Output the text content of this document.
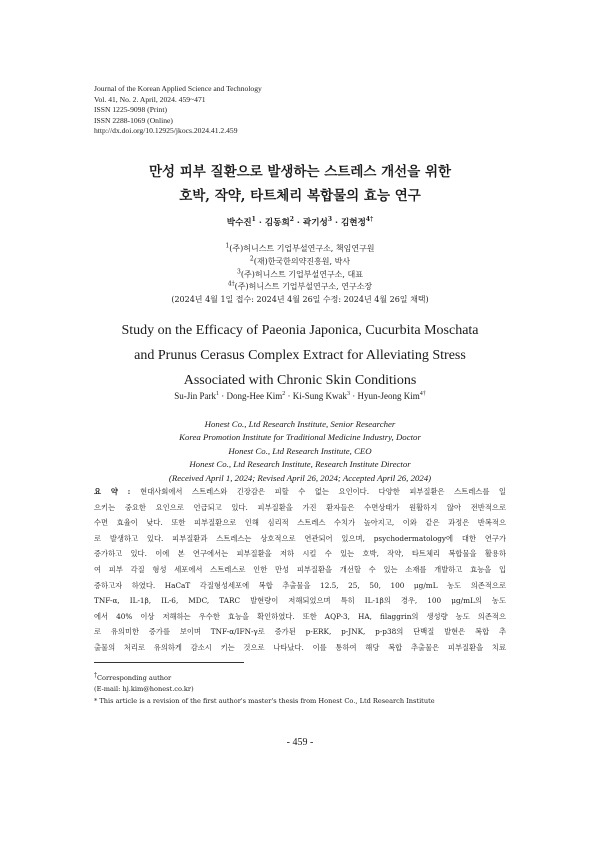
Journal of the Korean Applied Science and Technology
Vol. 41, No. 2. April, 2024. 459~471
ISSN 1225-9098 (Print)
ISSN 2288-1069 (Online)
http://dx.doi.org/10.12925/jkocs.2024.41.2.459
만성 피부 질환으로 발생하는 스트레스 개선을 위한
호박, 작약, 타트체리 복합물의 효능 연구
박수진$^1$ · 김동희$^2$ · 곽기성$^3$ · 김현정$^{4\dagger}$
$^1$(주)허니스트 기업부설연구소, 책임연구원
$^2$(재)한국한의약진흥원, 박사
$^3$(주)허니스트 기업부설연구소, 대표
$^{4\dagger}$(주)허니스트 기업부설연구소, 연구소장
(2024년 4월 1일 접수: 2024년 4월 26일 수정: 2024년 4월 26일 채택)
Study on the Efficacy of Paeonia Japonica, Cucurbita Moschata
and Prunus Cerasus Complex Extract for Alleviating Stress
Associated with Chronic Skin Conditions
Su-Jin Park$^1$ · Dong-Hee Kim$^2$ · Ki-Sung Kwak$^3$ · Hyun-Jeong Kim$^{4\dagger}$
Honest Co., Ltd Research Institute, Senior Researcher
Korea Promotion Institute for Traditional Medicine Industry, Doctor
Honest Co., Ltd Research Institute, CEO
Honest Co., Ltd Research Institute, Research Institute Director
(Received April 1, 2024; Revised April 26, 2024; Accepted April 26, 2024)
요 약 : 현대사회에서 스트레스와 긴장감은 피할 수 없는 요인이다. 다양한 피부질환은 스트레스를 일
으키는 중요한 요인으로 언급되고 있다. 피부질환을 가진 환자들은 수면상태가 원활하지 않아 전반적으로
수면 효율이 낮다. 또한 피부질환으로 인해 심리적 스트레스 수치가 높아지고, 이와 같은 과정은 반복적으
로 발생하고 있다. 피부질환과 스트레스는 상호적으로 연관되어 있으며, psychodermatology에 대한 연구가
증가하고 있다. 이에 본 연구에서는 피부질환을 저하 시킬 수 있는 호박, 작약, 타트체리 복합물을 활용하
여 피부 각질 형성 세포에서 스트레스로 인한 만성 피부질환을 개선할 수 있는 소재를 개발하고 효능을 입
증하고자 하였다. HaCaT 각질형성세포에 복합 추출물을 12.5, 25, 50, 100 μg/mL 농도 의존적으로
TNF-α, IL-1β, IL-6, MDC, TARC 발현량이 저해되었으며 특히 IL-1β의 경우, 100 μg/mL의 농도
에서 40% 이상 저해하는 우수한 효능을 확인하였다. 또한 AQP-3, HA, filaggrin의 생성량 농도 의존적으
로 유의미한 증가를 보이며 TNF-α/IFN-γ로 증가된 p-ERK, p-JNK, p-p38의 단백질 발현은 복합 추
출물의 처리로 유의하게 감소시 키는 것으로 나타났다. 이를 통하여 해당 복합 추출물은 피부질환을 치료
†Corresponding author
(E-mail: hj.kim@honest.co.kr)
* This article is a revision of the first author's master's thesis from Honest Co., Ltd Research Institute
- 459 -
